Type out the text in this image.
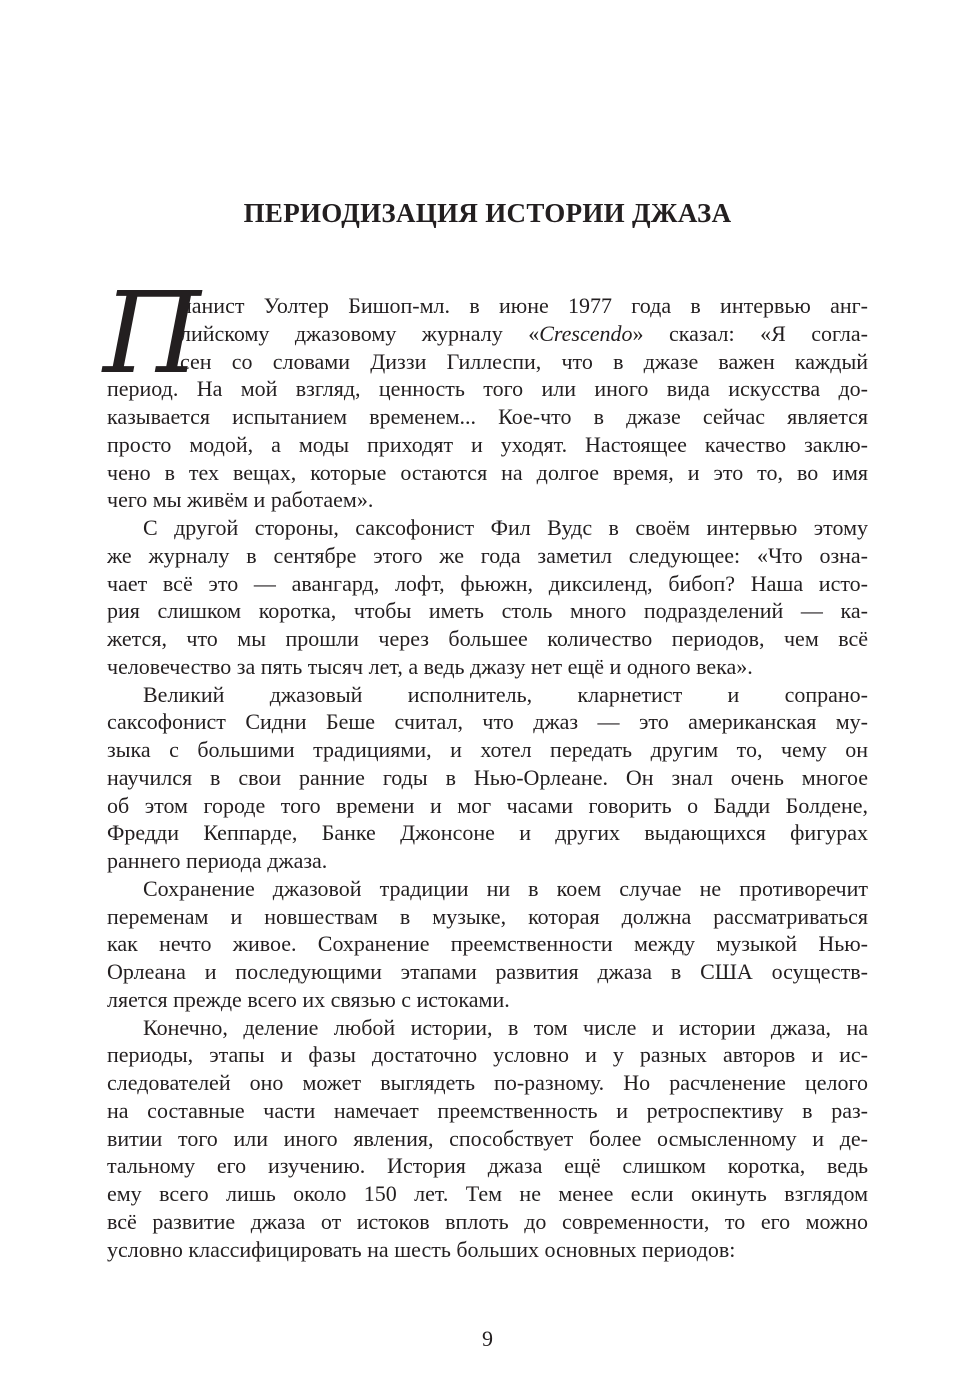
ПЕРИОДИЗАЦИЯ ИСТОРИИ ДЖАЗА
П
ианист Уолтер Бишоп-мл. в июне 1977 года в интервью анг-
лийскому джазовому журналу «Crescendo» сказал: «Я согла-
сен со словами Диззи Гиллеспи, что в джазе важен каждый
период. На мой взгляд, ценность того или иного вида искусства до-
казывается испытанием временем... Кое-что в джазе сейчас является
просто модой, а моды приходят и уходят. Настоящее качество заклю-
чено в тех вещах, которые остаются на долгое время, и это то, во имя
чего мы живём и работаем».
С другой стороны, саксофонист Фил Вудс в своём интервью этому
же журналу в сентябре этого же года заметил следующее: «Что озна-
чает всё это — авангард, лофт, фьюжн, диксиленд, бибоп? Наша исто-
рия слишком коротка, чтобы иметь столь много подразделений — ка-
жется, что мы прошли через большее количество периодов, чем всё
человечество за пять тысяч лет, а ведь джазу нет ещё и одного века».
Великий джазовый исполнитель, кларнетист и сопрано-
саксофонист Сидни Беше считал, что джаз — это американская му-
зыка с большими традициями, и хотел передать другим то, чему он
научился в свои ранние годы в Нью-Орлеане. Он знал очень многое
об этом городе того времени и мог часами говорить о Бадди Болдене,
Фредди Кеппарде, Банке Джонсоне и других выдающихся фигурах
раннего периода джаза.
Сохранение джазовой традиции ни в коем случае не противоречит
переменам и новшествам в музыке, которая должна рассматриваться
как нечто живое. Сохранение преемственности между музыкой Нью-
Орлеана и последующими этапами развития джаза в США осуществ-
ляется прежде всего их связью с истоками.
Конечно, деление любой истории, в том числе и истории джаза, на
периоды, этапы и фазы достаточно условно и у разных авторов и ис-
следователей оно может выглядеть по-разному. Но расчленение целого
на составные части намечает преемственность и ретроспективу в раз-
витии того или иного явления, способствует более осмысленному и де-
тальному его изучению. История джаза ещё слишком коротка, ведь
ему всего лишь около 150 лет. Тем не менее если окинуть взглядом
всё развитие джаза от истоков вплоть до современности, то его можно
условно классифицировать на шесть больших основных периодов:
9
